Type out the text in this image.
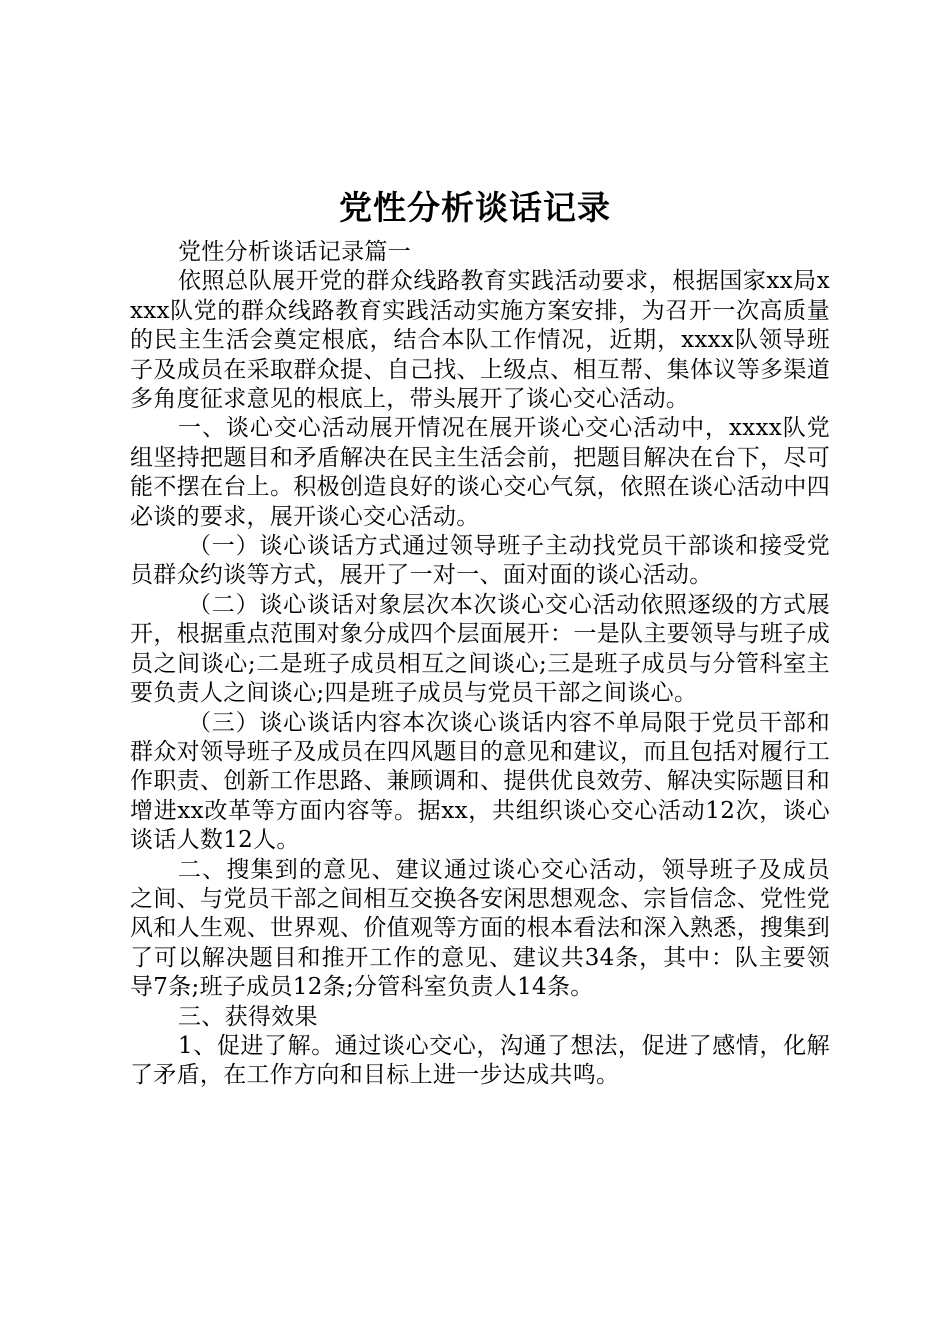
党性分析谈话记录

党性分析谈话记录篇一

依照总队展开党的群众线路教育实践活动要求，根据国家xx局xxxx队党的群众线路教育实践活动实施方案安排，为召开一次高质量的民主生活会奠定根底，结合本队工作情况，近期，xxxx队领导班子及成员在采取群众提、自己找、上级点、相互帮、集体议等多渠道多角度征求意见的根底上，带头展开了谈心交心活动。

一、谈心交心活动展开情况在展开谈心交心活动中，xxxx队党组坚持把题目和矛盾解决在民主生活会前，把题目解决在台下，尽可能不摆在台上。积极创造良好的谈心交心气氛，依照在谈心活动中四必谈的要求，展开谈心交心活动。

（一）谈心谈话方式通过领导班子主动找党员干部谈和接受党员群众约谈等方式，展开了一对一、面对面的谈心活动。

（二）谈心谈话对象层次本次谈心交心活动依照逐级的方式展开，根据重点范围对象分成四个层面展开：一是队主要领导与班子成员之间谈心;二是班子成员相互之间谈心;三是班子成员与分管科室主要负责人之间谈心;四是班子成员与党员干部之间谈心。

（三）谈心谈话内容本次谈心谈话内容不单局限于党员干部和群众对领导班子及成员在四风题目的意见和建议，而且包括对履行工作职责、创新工作思路、兼顾调和、提供优良效劳、解决实际题目和增进xx改革等方面内容等。据xx，共组织谈心交心活动12次，谈心谈话人数12人。

二、搜集到的意见、建议通过谈心交心活动，领导班子及成员之间、与党员干部之间相互交换各安闲思想观念、宗旨信念、党性党风和人生观、世界观、价值观等方面的根本看法和深入熟悉，搜集到了可以解决题目和推开工作的意见、建议共34条，其中：队主要领导7条;班子成员12条;分管科室负责人14条。

三、获得效果

1、促进了解。通过谈心交心，沟通了想法，促进了感情，化解了矛盾，在工作方向和目标上进一步达成共鸣。
